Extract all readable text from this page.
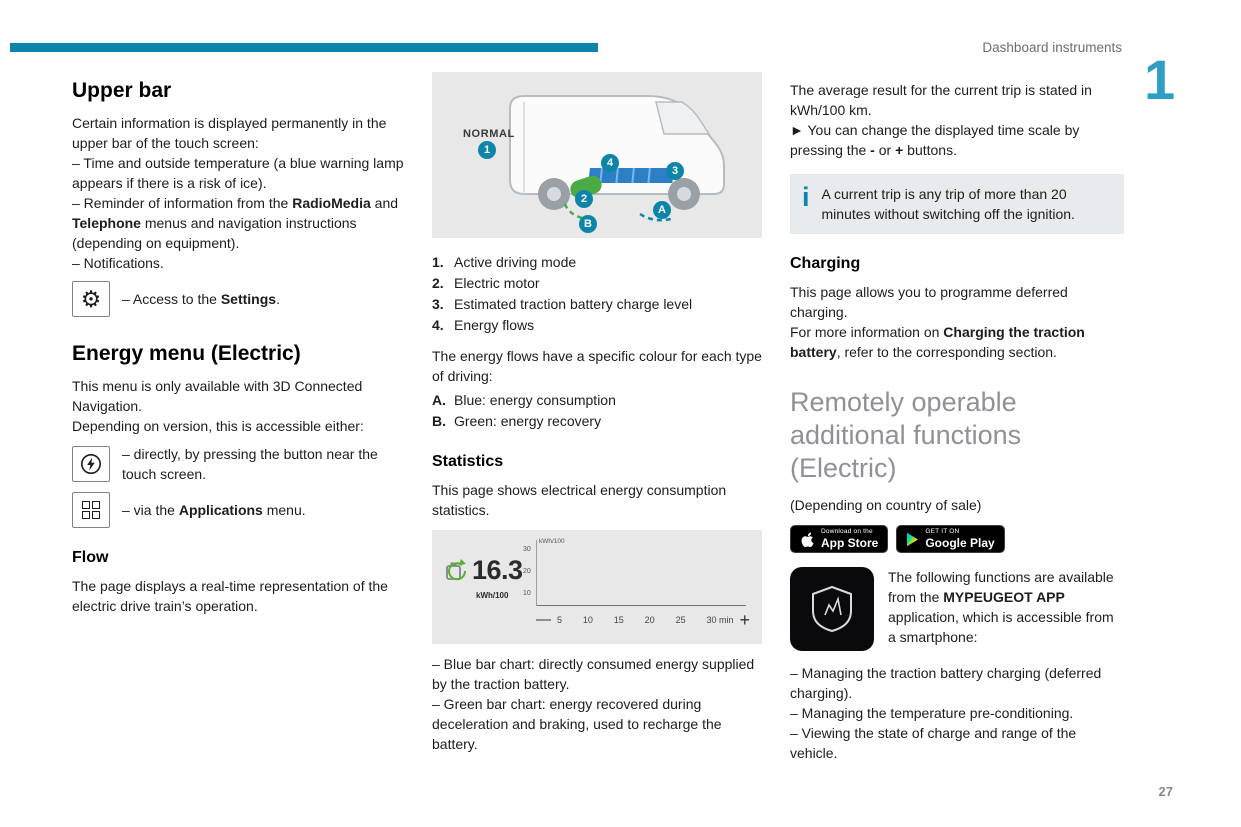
Dashboard instruments
1
Upper bar

Certain information is displayed permanently in the upper bar of the touch screen:

– Time and outside temperature (a blue warning lamp appears if there is a risk of ice).

– Reminder of information from the RadioMedia and Telephone menus and navigation instructions (depending on equipment).

– Notifications.

⚙ – Access to the Settings.

Energy menu (Electric)

This menu is only available with 3D Connected Navigation.

Depending on version, this is accessible either:

– directly, by pressing the button near the touch screen.

– via the Applications menu.

Flow

The page displays a real-time representation of the electric drive train’s operation.

NORMAL
1
2
3
4
A
B
1. Active driving mode
2. Electric motor
3. Estimated traction battery charge level
4. Energy flows

The energy flows have a specific colour for each type of driving:

A. Blue: energy consumption
B. Green: energy recovery
Statistics

This page shows electrical energy consumption statistics.

16.3
kWh/100
kWh/100
30
20
10
— 5 10 15 20 25 30 min +

– Blue bar chart: directly consumed energy supplied by the traction battery.

– Green bar chart: energy recovered during deceleration and braking, used to recharge the battery.

The average result for the current trip is stated in kWh/100 km.

► You can change the displayed time scale by pressing the - or + buttons.

i A current trip is any trip of more than 20 minutes without switching off the ignition.
Charging

This page allows you to programme deferred charging.

For more information on Charging the traction battery, refer to the corresponding section.

Remotely operable additional functions (Electric)

(Depending on country of sale)

Download on the
App Store
GET IT ON
Google Play

The following functions are available from the MYPEUGEOT APP application, which is accessible from a smartphone:

– Managing the traction battery charging (deferred charging).

– Managing the temperature pre-conditioning.

– Viewing the state of charge and range of the vehicle.

27
